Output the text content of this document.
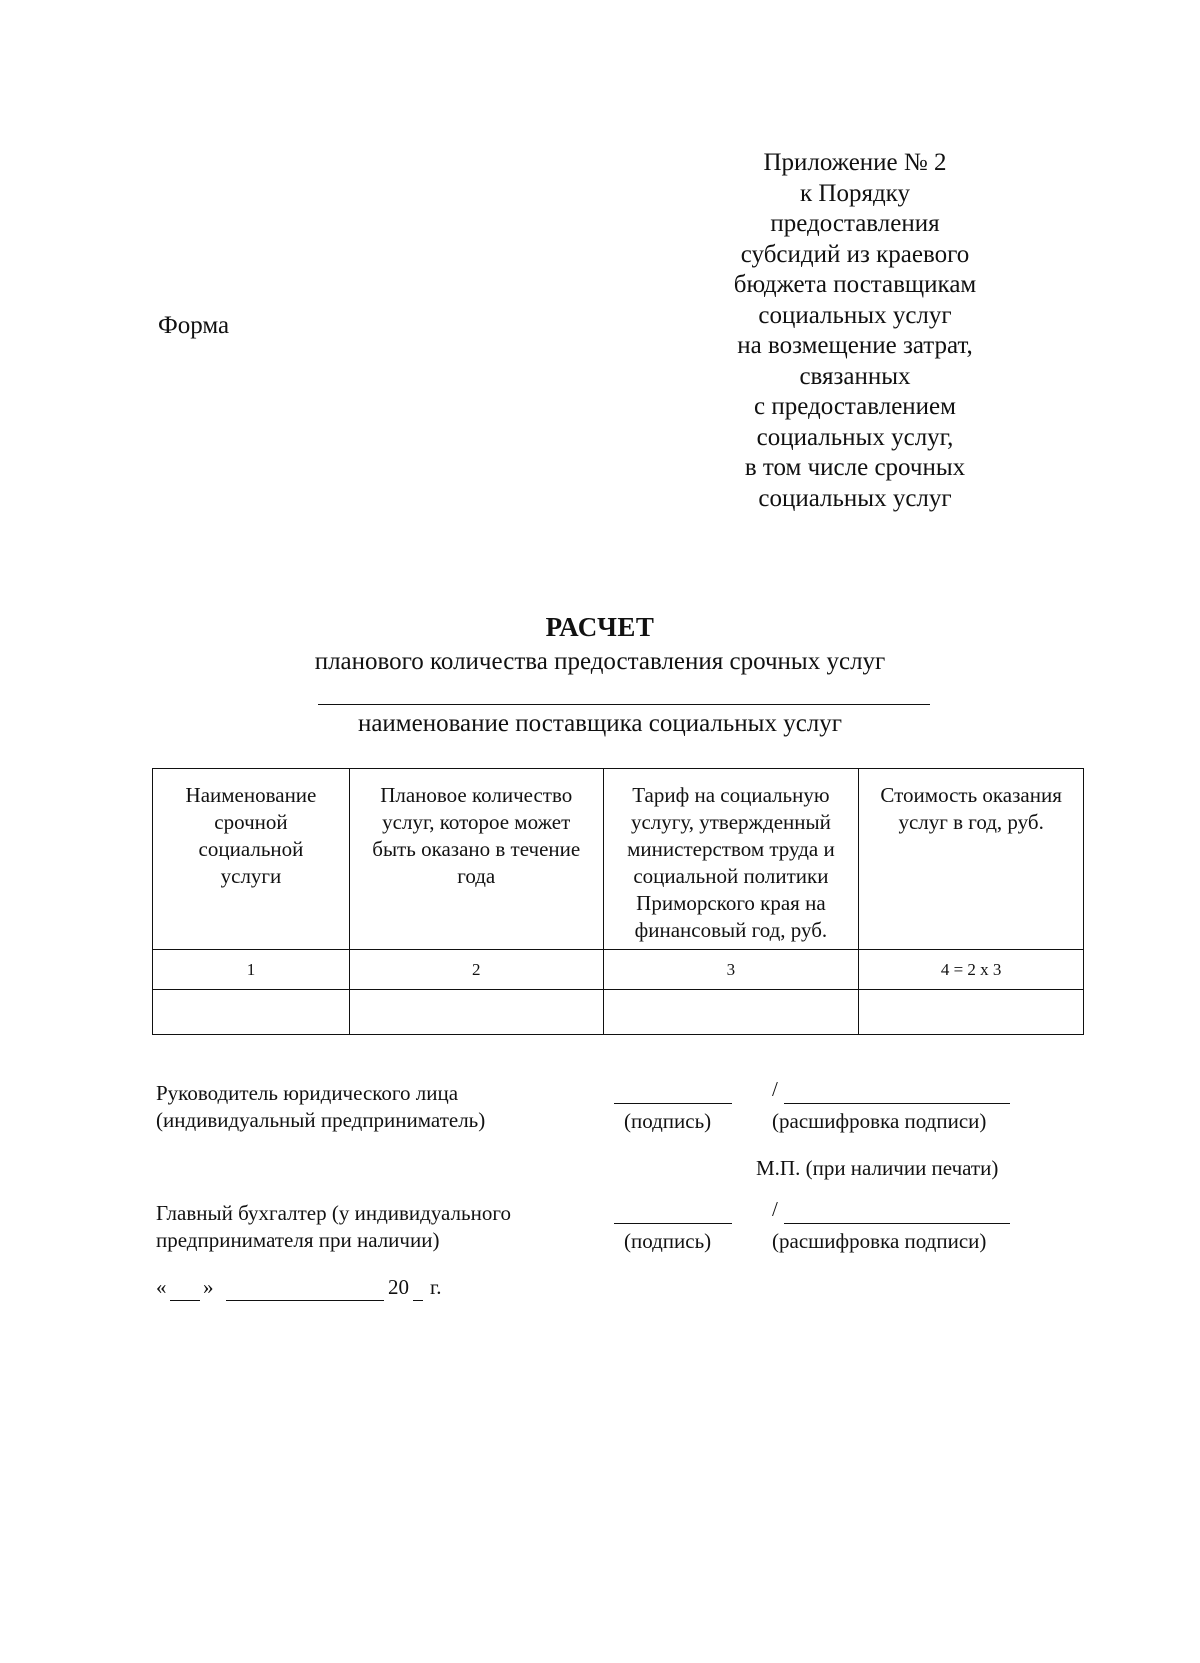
Приложение № 2
к Порядку
предоставления
субсидий из краевого
бюджета поставщикам
социальных услуг
на возмещение затрат,
связанных
с предоставлением
социальных услуг,
в том числе срочных
социальных услуг
Форма
РАСЧЕТ
планового количества предоставления срочных услуг
наименование поставщика социальных услуг
Наименование срочной социальной услуги	Плановое количество услуг, которое может быть оказано в течение года	Тариф на социальную услугу, утвержденный министерством труда и социальной политики Приморского края на финансовый год, руб.	Стоимость оказания услуг в год, руб.

1	2	3	4 = 2 x 3

Руководитель юридического лица
(индивидуальный предприниматель)	(подпись)
/
(расшифровка подписи)
М.П. (при наличии печати)
Главный бухгалтер (у индивидуального
предпринимателя при наличии)	(подпись)
/
(расшифровка подписи)
« »	20 г.
